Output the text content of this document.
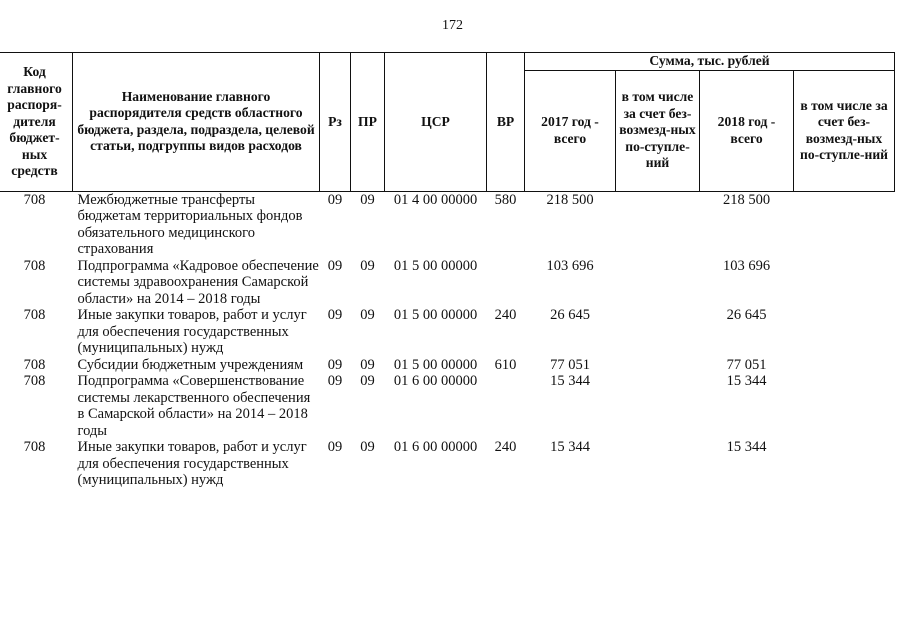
172
Код главного распоря-дителя бюджет-ных средств	Наименование главного распорядителя средств областного бюджета, раздела, подраздела, целевой статьи, подгруппы видов расходов	Рз	ПР	ЦСР	ВР	Сумма, тыс. рублей			
						2017 год - всего	в том числе за счет без-возмезд-ных по-ступле-ний	2018 год - всего	в том числе за счет без-возмезд-ных по-ступле-ний
708	Межбюджетные трансферты бюджетам территориальных фондов обязательного медицинского страхования	09	09	01 4 00 00000	580	218 500		218 500	
708	Подпрограмма «Кадровое обеспечение системы здравоохранения Самарской области» на 2014 – 2018 годы	09	09	01 5 00 00000		103 696		103 696	
708	Иные закупки товаров, работ и услуг для обеспечения государственных (муниципальных) нужд	09	09	01 5 00 00000	240	26 645		26 645	
708	Субсидии бюджетным учреждениям	09	09	01 5 00 00000	610	77 051		77 051	
708	Подпрограмма «Совершенствование системы лекарственного обеспечения в Самарской области» на 2014 – 2018 годы	09	09	01 6 00 00000		15 344		15 344	
708	Иные закупки товаров, работ и услуг для обеспечения государственных (муниципальных) нужд	09	09	01 6 00 00000	240	15 344		15 344	
